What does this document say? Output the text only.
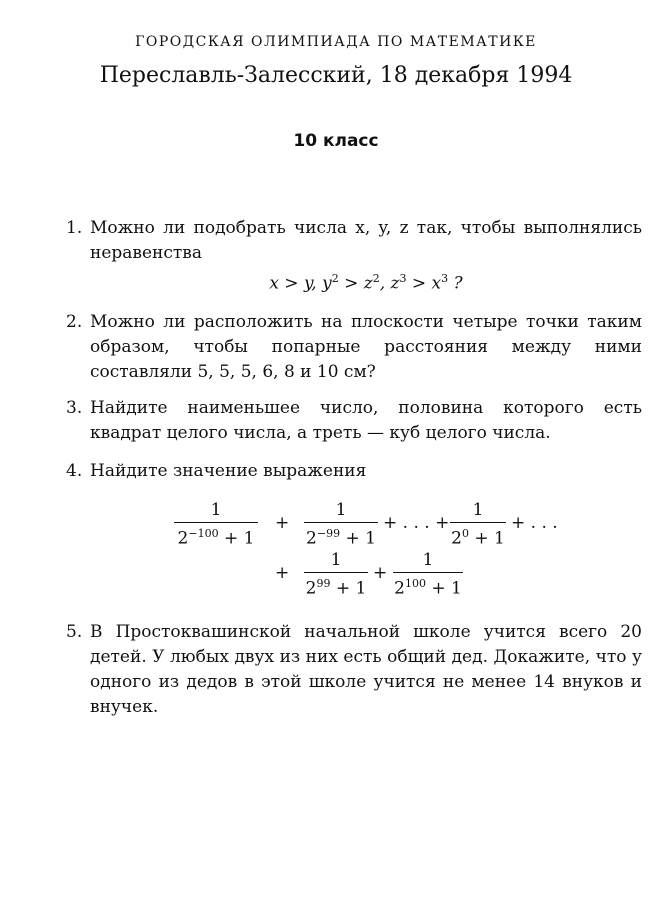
ГОРОДСКАЯ ОЛИМПИАДА ПО МАТЕМАТИКЕ
Переславль-Залесский, 18 декабря 1994
10 класс
1. Можно ли подобрать числа x, y, z так, чтобы выполнялись неравенства
x > y, $y^2 > z^2$, $z^3 > x^3$ ?
2. Можно ли расположить на плоскости четыре точки таким образом, чтобы попарные расстояния между ними составляли 5, 5, 5, 6, 8 и 10 см?
3. Найдите наименьшее число, половина которого есть квадрат целого числа, а треть — куб целого числа.
4. Найдите значение выражения
$\frac{1}{2^{-100} + 1} + \frac{1}{2^{-99} + 1}$ + . . . + $\frac{1}{2^0 + 1}$ + . . .
+ $\frac{1}{2^{99} + 1} + \frac{1}{2^{100} + 1}$
5. В Простоквашинской начальной школе учится всего 20 детей. У любых двух из них есть общий дед. Докажите, что у одного из дедов в этой школе учится не менее 14 внуков и внучек.
